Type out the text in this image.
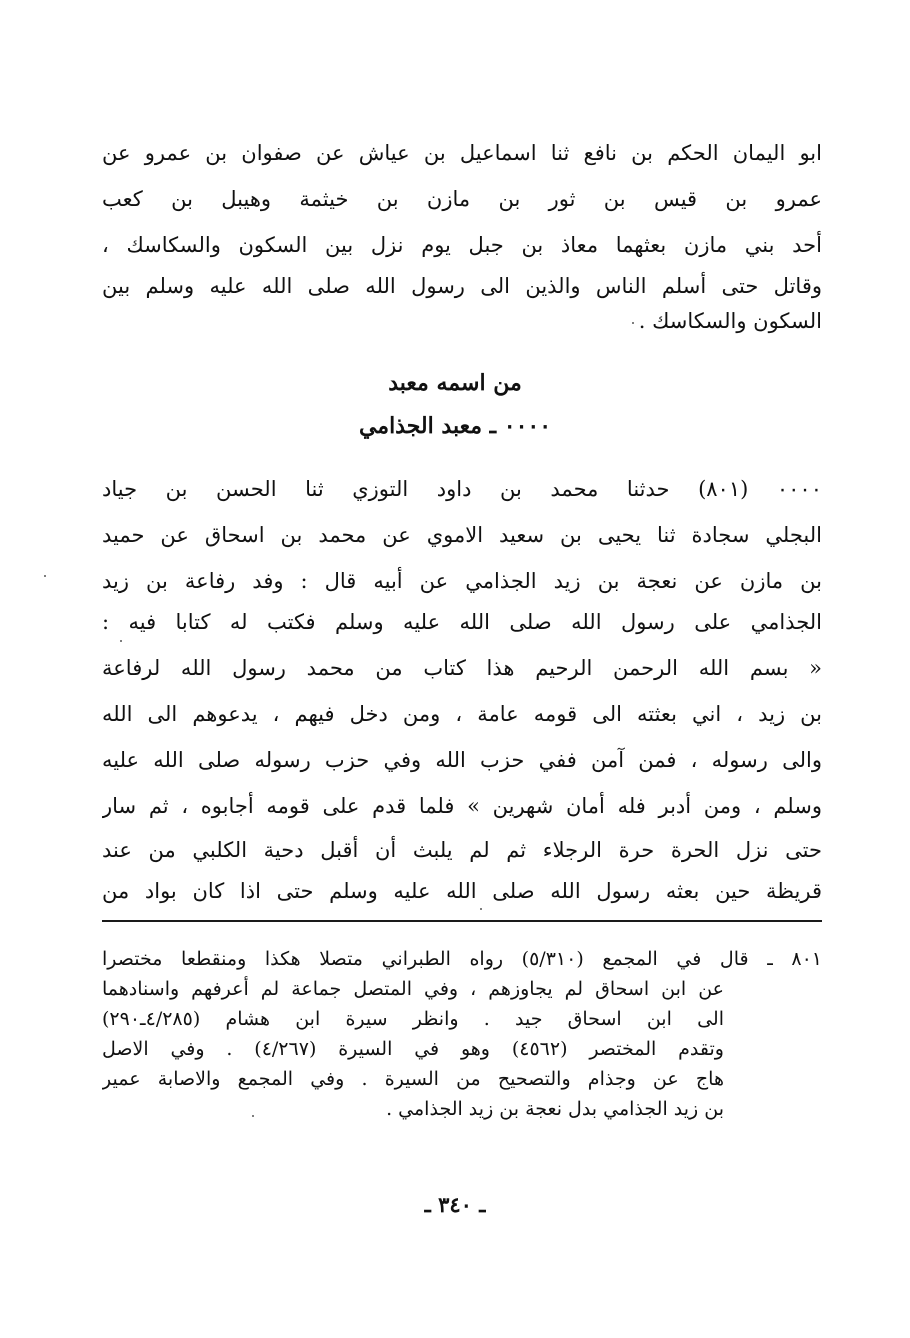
ابو اليمان الحكم بن نافع ثنا اسماعيل بن عياش عن صفوان بن عمرو عن
عمرو بن قيس بن ثور بن مازن بن خيثمة وهيبل بن كعب
أحد بني مازن بعثهما معاذ بن جبل يوم نزل بين السكون والسكاسك ،
وقاتل حتى أسلم الناس والذين الى رسول الله صلى الله عليه وسلم بين
السكون والسكاسك .
من اسمه معبد
٠٠٠٠ ـ معبد الجذامي
٠٠٠٠ (٨٠١) حدثنا محمد بن داود التوزي ثنا الحسن بن جياد
البجلي سجادة ثنا يحيى بن سعيد الاموي عن محمد بن اسحاق عن حميد
بن مازن عن نعجة بن زيد الجذامي عن أبيه قال : وفد رفاعة بن زيد
الجذامي على رسول الله صلى الله عليه وسلم فكتب له كتابا فيه :
« بسم الله الرحمن الرحيم هذا كتاب من محمد رسول الله لرفاعة
بن زيد ، اني بعثته الى قومه عامة ، ومن دخل فيهم ، يدعوهم الى الله
والى رسوله ، فمن آمن ففي حزب الله وفي حزب رسوله صلى الله عليه
وسلم ، ومن أدبر فله أمان شهرين » فلما قدم على قومه أجابوه ، ثم سار
حتى نزل الحرة حرة الرجلاء ثم لم يلبث أن أقبل دحية الكلبي من عند
قريظة حين بعثه رسول الله صلى الله عليه وسلم حتى اذا كان بواد من
٨٠١ ـ قال في المجمع (٥/٣١٠) رواه الطبراني متصلا هكذا ومنقطعا مختصرا
عن ابن اسحاق لم يجاوزهم ، وفي المتصل جماعة لم أعرفهم واسنادهما
الى ابن اسحاق جيد . وانظر سيرة ابن هشام (٤/٢٨٥ـ٢٩٠)
وتقدم المختصر (٤٥٦٢) وهو في السيرة (٤/٢٦٧) . وفي الاصل
هاج عن وجذام والتصحيح من السيرة . وفي المجمع والاصابة عمير
بن زيد الجذامي بدل نعجة بن زيد الجذامي .
ـ ٣٤٠ ـ
